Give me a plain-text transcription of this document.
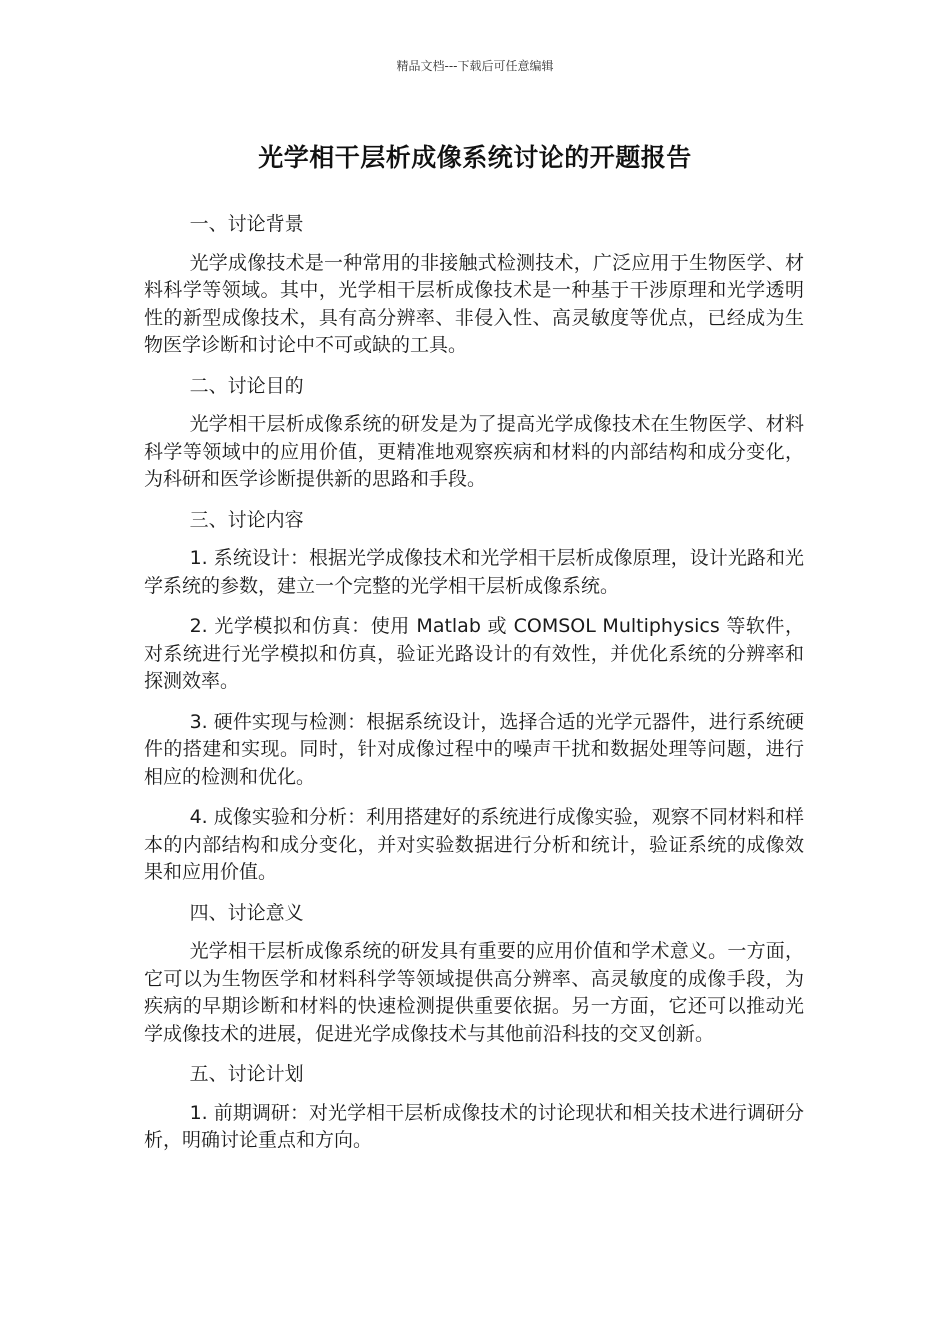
精品文档---下载后可任意编辑
光学相干层析成像系统讨论的开题报告

一、讨论背景

光学成像技术是一种常用的非接触式检测技术，广泛应用于生物医学、材料科学等领域。其中，光学相干层析成像技术是一种基于干涉原理和光学透明性的新型成像技术，具有高分辨率、非侵入性、高灵敏度等优点，已经成为生物医学诊断和讨论中不可或缺的工具。

二、讨论目的

光学相干层析成像系统的研发是为了提高光学成像技术在生物医学、材料科学等领域中的应用价值，更精准地观察疾病和材料的内部结构和成分变化，为科研和医学诊断提供新的思路和手段。

三、讨论内容

1. 系统设计：根据光学成像技术和光学相干层析成像原理，设计光路和光学系统的参数，建立一个完整的光学相干层析成像系统。

2. 光学模拟和仿真：使用 Matlab 或 COMSOL Multiphysics 等软件，对系统进行光学模拟和仿真，验证光路设计的有效性，并优化系统的分辨率和探测效率。

3. 硬件实现与检测：根据系统设计，选择合适的光学元器件，进行系统硬件的搭建和实现。同时，针对成像过程中的噪声干扰和数据处理等问题，进行相应的检测和优化。

4. 成像实验和分析：利用搭建好的系统进行成像实验，观察不同材料和样本的内部结构和成分变化，并对实验数据进行分析和统计，验证系统的成像效果和应用价值。

四、讨论意义

光学相干层析成像系统的研发具有重要的应用价值和学术意义。一方面，它可以为生物医学和材料科学等领域提供高分辨率、高灵敏度的成像手段，为疾病的早期诊断和材料的快速检测提供重要依据。另一方面，它还可以推动光学成像技术的进展，促进光学成像技术与其他前沿科技的交叉创新。

五、讨论计划

1. 前期调研：对光学相干层析成像技术的讨论现状和相关技术进行调研分析，明确讨论重点和方向。
